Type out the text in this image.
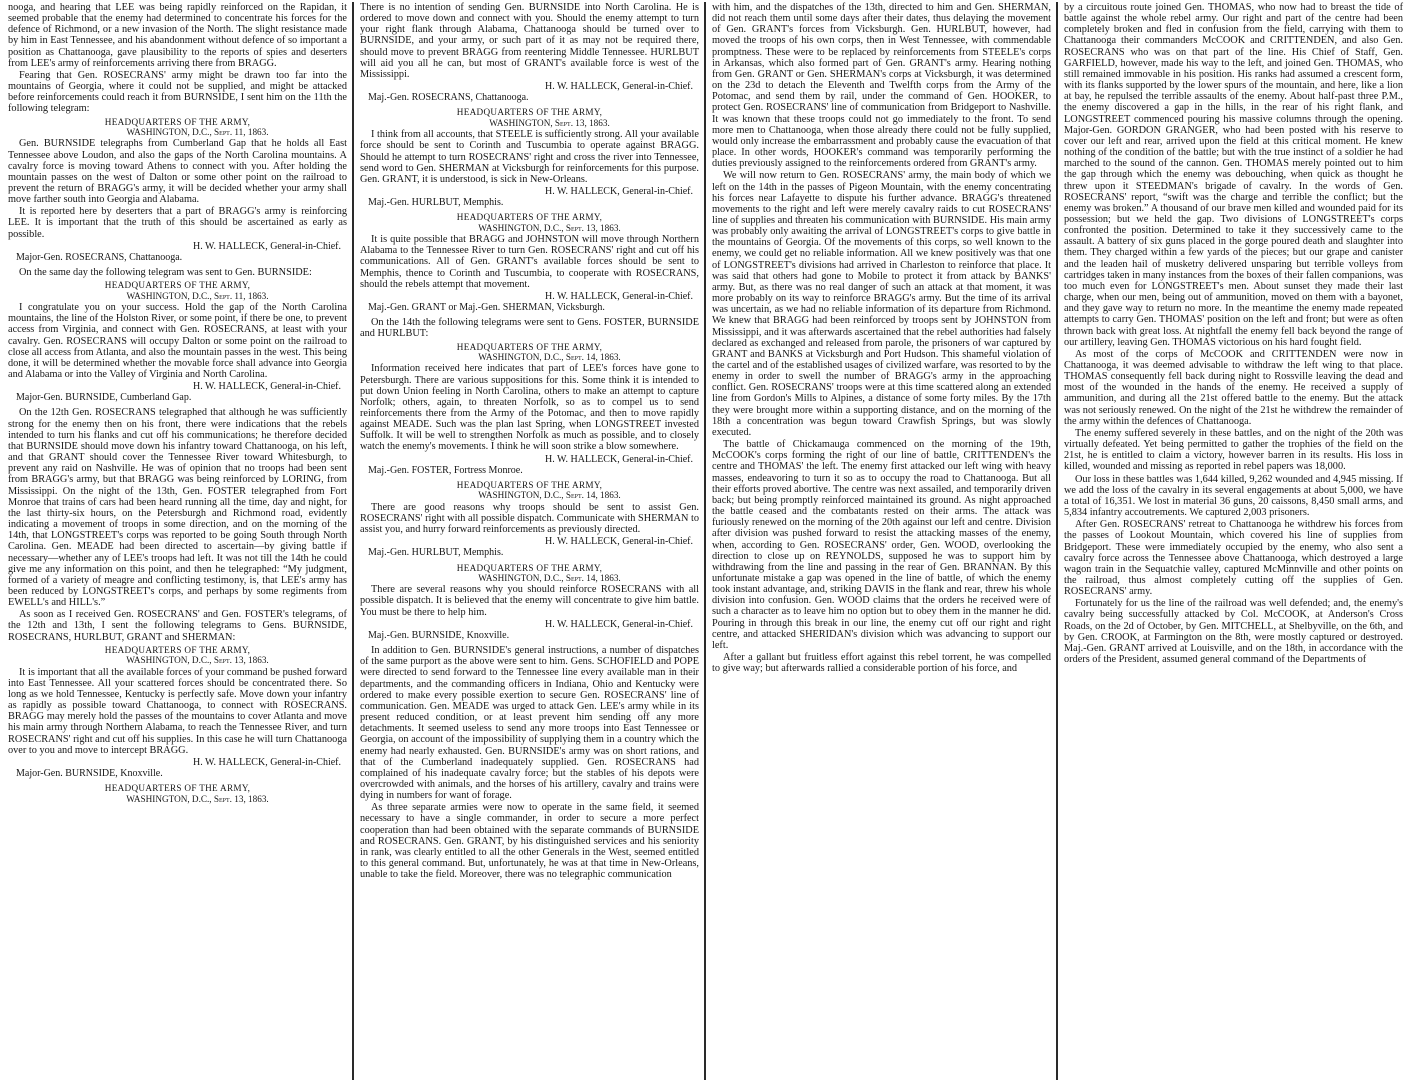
nooga, and hearing that LEE was being rapidly reinforced on the Rapidan, it seemed probable that the enemy had determined to concentrate his forces for the defence of Richmond, or a new invasion of the North. The slight resistance made by him in East Tennessee, and his abandonment without defence of so important a position as Chattanooga, gave plausibility to the reports of spies and deserters from LEE's army of reinforcements arriving there from BRAGG.

Fearing that Gen. ROSECRANS' army might be drawn too far into the mountains of Georgia, where it could not be supplied, and might be attacked before reinforcements could reach it from BURNSIDE, I sent him on the 11th the following telegram:

HEADQUARTERS OF THE ARMY,
WASHINGTON, D.C., Sept. 11, 1863.

Gen. BURNSIDE telegraphs from Cumberland Gap that he holds all East Tennessee above Loudon, and also the gaps of the North Carolina mountains. A cavalry force is moving toward Athens to connect with you. After holding the mountain passes on the west of Dalton or some other point on the railroad to prevent the return of BRAGG's army, it will be decided whether your army shall move farther south into Georgia and Alabama.

It is reported here by deserters that a part of BRAGG's army is reinforcing LEE. It is important that the truth of this should be ascertained as early as possible.

H. W. HALLECK, General-in-Chief.
Major-Gen. ROSECRANS, Chattanooga.

On the same day the following telegram was sent to Gen. BURNSIDE:

HEADQUARTERS OF THE ARMY,
WASHINGTON, D.C., Sept. 11, 1863.

I congratulate you on your success. Hold the gap of the North Carolina mountains, the line of the Holston River, or some point, if there be one, to prevent access from Virginia, and connect with Gen. ROSECRANS, at least with your cavalry. Gen. ROSECRANS will occupy Dalton or some point on the railroad to close all access from Atlanta, and also the mountain passes in the west. This being done, it will be determined whether the movable force shall advance into Georgia and Alabama or into the Valley of Virginia and North Carolina.

H. W. HALLECK, General-in-Chief.
Major-Gen. BURNSIDE, Cumberland Gap.

On the 12th Gen. ROSECRANS telegraphed that although he was sufficiently strong for the enemy then on his front, there were indications that the rebels intended to turn his flanks and cut off his communications; he therefore decided that BURNSIDE should move down his infantry toward Chattanooga, on his left, and that GRANT should cover the Tennessee River toward Whitesburgh, to prevent any raid on Nashville. He was of opinion that no troops had been sent from BRAGG's army, but that BRAGG was being reinforced by LORING, from Mississippi. On the night of the 13th, Gen. FOSTER telegraphed from Fort Monroe that trains of cars had been heard running all the time, day and night, for the last thirty-six hours, on the Petersburgh and Richmond road, evidently indicating a movement of troops in some direction, and on the morning of the 14th, that LONGSTREET's corps was reported to be going South through North Carolina. Gen. MEADE had been directed to ascertain—by giving battle if necessary—whether any of LEE's troops had left. It was not till the 14th he could give me any information on this point, and then he telegraphed: “My judgment, formed of a variety of meagre and conflicting testimony, is, that LEE's army has been reduced by LONGSTREET's corps, and perhaps by some regiments from EWELL's and HILL's.”

As soon as I received Gen. ROSECRANS' and Gen. FOSTER's telegrams, of the 12th and 13th, I sent the following telegrams to Gens. BURNSIDE, ROSECRANS, HURLBUT, GRANT and SHERMAN:

HEADQUARTERS OF THE ARMY,
WASHINGTON, D.C., Sept. 13, 1863.

It is important that all the available forces of your command be pushed forward into East Tennessee. All your scattered forces should be concentrated there. So long as we hold Tennessee, Kentucky is perfectly safe. Move down your infantry as rapidly as possible toward Chattanooga, to connect with ROSECRANS. BRAGG may merely hold the passes of the mountains to cover Atlanta and move his main army through Northern Alabama, to reach the Tennessee River, and turn ROSECRANS' right and cut off his supplies. In this case he will turn Chattanooga over to you and move to intercept BRAGG.

H. W. HALLECK, General-in-Chief.
Major-Gen. BURNSIDE, Knoxville.
HEADQUARTERS OF THE ARMY,
WASHINGTON, D.C., Sept. 13, 1863.

There is no intention of sending Gen. BURNSIDE into North Carolina. He is ordered to move down and connect with you. Should the enemy attempt to turn your right flank through Alabama, Chattanooga should be turned over to BURNSIDE, and your army, or such part of it as may not be required there, should move to prevent BRAGG from reentering Middle Tennessee. HURLBUT will aid you all he can, but most of GRANT's available force is west of the Mississippi.

H. W. HALLECK, General-in-Chief.
Maj.-Gen. ROSECRANS, Chattanooga.
HEADQUARTERS OF THE ARMY,
WASHINGTON, Sept. 13, 1863.

I think from all accounts, that STEELE is sufficiently strong. All your available force should be sent to Corinth and Tuscumbia to operate against BRAGG. Should he attempt to turn ROSECRANS' right and cross the river into Tennessee, send word to Gen. SHERMAN at Vicksburgh for reinforcements for this purpose. Gen. GRANT, it is understood, is sick in New-Orleans.

H. W. HALLECK, General-in-Chief.
Maj.-Gen. HURLBUT, Memphis.
HEADQUARTERS OF THE ARMY,
WASHINGTON, D.C., Sept. 13, 1863.

It is quite possible that BRAGG and JOHNSTON will move through Northern Alabama to the Tennessee River to turn Gen. ROSECRANS' right and cut off his communications. All of Gen. GRANT's available forces should be sent to Memphis, thence to Corinth and Tuscumbia, to cooperate with ROSECRANS, should the rebels attempt that movement.

H. W. HALLECK, General-in-Chief.
Maj.-Gen. GRANT or Maj.-Gen. SHERMAN, Vicksburgh.

On the 14th the following telegrams were sent to Gens. FOSTER, BURNSIDE and HURLBUT:

HEADQUARTERS OF THE ARMY,
WASHINGTON, D.C., Sept. 14, 1863.

Information received here indicates that part of LEE's forces have gone to Petersburgh. There are various suppositions for this. Some think it is intended to put down Union feeling in North Carolina, others to make an attempt to capture Norfolk; others, again, to threaten Norfolk, so as to compel us to send reinforcements there from the Army of the Potomac, and then to move rapidly against MEADE. Such was the plan last Spring, when LONGSTREET invested Suffolk. It will be well to strengthen Norfolk as much as possible, and to closely watch the enemy's movements. I think he will soon strike a blow somewhere.

H. W. HALLECK, General-in-Chief.
Maj.-Gen. FOSTER, Fortress Monroe.
HEADQUARTERS OF THE ARMY,
WASHINGTON, D.C., Sept. 14, 1863.

There are good reasons why troops should be sent to assist Gen. ROSECRANS' right with all possible dispatch. Communicate with SHERMAN to assist you, and hurry forward reinforcements as previously directed.

H. W. HALLECK, General-in-Chief.
Maj.-Gen. HURLBUT, Memphis.
HEADQUARTERS OF THE ARMY,
WASHINGTON, D.C., Sept. 14, 1863.

There are several reasons why you should reinforce ROSECRANS with all possible dispatch. It is believed that the enemy will concentrate to give him battle. You must be there to help him.

H. W. HALLECK, General-in-Chief.
Maj.-Gen. BURNSIDE, Knoxville.

In addition to Gen. BURNSIDE's general instructions, a number of dispatches of the same purport as the above were sent to him. Gens. SCHOFIELD and POPE were directed to send forward to the Tennessee line every available man in their departments, and the commanding officers in Indiana, Ohio and Kentucky were ordered to make every possible exertion to secure Gen. ROSECRANS' line of communication. Gen. MEADE was urged to attack Gen. LEE's army while in its present reduced condition, or at least prevent him sending off any more detachments. It seemed useless to send any more troops into East Tennessee or Georgia, on account of the impossibility of supplying them in a country which the enemy had nearly exhausted. Gen. BURNSIDE's army was on short rations, and that of the Cumberland inadequately supplied. Gen. ROSECRANS had complained of his inadequate cavalry force; but the stables of his depots were overcrowded with animals, and the horses of his artillery, cavalry and trains were dying in numbers for want of forage.

As three separate armies were now to operate in the same field, it seemed necessary to have a single commander, in order to secure a more perfect cooperation than had been obtained with the separate commands of BURNSIDE and ROSECRANS. Gen. GRANT, by his distinguished services and his seniority in rank, was clearly entitled to all the other Generals in the West, seemed entitled to this general command. But, unfortunately, he was at that time in New-Orleans, unable to take the field. Moreover, there was no telegraphic communication

with him, and the dispatches of the 13th, directed to him and Gen. SHERMAN, did not reach them until some days after their dates, thus delaying the movement of Gen. GRANT's forces from Vicksburgh. Gen. HURLBUT, however, had moved the troops of his own corps, then in West Tennessee, with commendable promptness. These were to be replaced by reinforcements from STEELE's corps in Arkansas, which also formed part of Gen. GRANT's army. Hearing nothing from Gen. GRANT or Gen. SHERMAN's corps at Vicksburgh, it was determined on the 23d to detach the Eleventh and Twelfth corps from the Army of the Potomac, and send them by rail, under the command of Gen. HOOKER, to protect Gen. ROSECRANS' line of communication from Bridgeport to Nashville. It was known that these troops could not go immediately to the front. To send more men to Chattanooga, when those already there could not be fully supplied, would only increase the embarrassment and probably cause the evacuation of that place. In other words, HOOKER's command was temporarily performing the duties previously assigned to the reinforcements ordered from GRANT's army.

We will now return to Gen. ROSECRANS' army, the main body of which we left on the 14th in the passes of Pigeon Mountain, with the enemy concentrating his forces near Lafayette to dispute his further advance. BRAGG's threatened movements to the right and left were merely cavalry raids to cut ROSECRANS' line of supplies and threaten his communication with BURNSIDE. His main army was probably only awaiting the arrival of LONGSTREET's corps to give battle in the mountains of Georgia. Of the movements of this corps, so well known to the enemy, we could get no reliable information. All we knew positively was that one of LONGSTREET's divisions had arrived in Charleston to reinforce that place. It was said that others had gone to Mobile to protect it from attack by BANKS' army. But, as there was no real danger of such an attack at that moment, it was more probably on its way to reinforce BRAGG's army. But the time of its arrival was uncertain, as we had no reliable information of its departure from Richmond. We knew that BRAGG had been reinforced by troops sent by JOHNSTON from Mississippi, and it was afterwards ascertained that the rebel authorities had falsely declared as exchanged and released from parole, the prisoners of war captured by GRANT and BANKS at Vicksburgh and Port Hudson. This shameful violation of the cartel and of the established usages of civilized warfare, was resorted to by the enemy in order to swell the number of BRAGG's army in the approaching conflict. Gen. ROSECRANS' troops were at this time scattered along an extended line from Gordon's Mills to Alpines, a distance of some forty miles. By the 17th they were brought more within a supporting distance, and on the morning of the 18th a concentration was begun toward Crawfish Springs, but was slowly executed.

The battle of Chickamauga commenced on the morning of the 19th, McCOOK's corps forming the right of our line of battle, CRITTENDEN's the centre and THOMAS' the left. The enemy first attacked our left wing with heavy masses, endeavoring to turn it so as to occupy the road to Chattanooga. But all their efforts proved abortive. The centre was next assailed, and temporarily driven back; but being promptly reinforced maintained its ground. As night approached the battle ceased and the combatants rested on their arms. The attack was furiously renewed on the morning of the 20th against our left and centre. Division after division was pushed forward to resist the attacking masses of the enemy, when, according to Gen. ROSECRANS' order, Gen. WOOD, overlooking the direction to close up on REYNOLDS, supposed he was to support him by withdrawing from the line and passing in the rear of Gen. BRANNAN. By this unfortunate mistake a gap was opened in the line of battle, of which the enemy took instant advantage, and, striking DAVIS in the flank and rear, threw his whole division into confusion. Gen. WOOD claims that the orders he received were of such a character as to leave him no option but to obey them in the manner he did. Pouring in through this break in our line, the enemy cut off our right and right centre, and attacked SHERIDAN's division which was advancing to support our left.

After a gallant but fruitless effort against this rebel torrent, he was compelled to give way; but afterwards rallied a considerable portion of his force, and

by a circuitous route joined Gen. THOMAS, who now had to breast the tide of battle against the whole rebel army. Our right and part of the centre had been completely broken and fled in confusion from the field, carrying with them to Chattanooga their commanders McCOOK and CRITTENDEN, and also Gen. ROSECRANS who was on that part of the line. His Chief of Staff, Gen. GARFIELD, however, made his way to the left, and joined Gen. THOMAS, who still remained immovable in his position. His ranks had assumed a crescent form, with its flanks supported by the lower spurs of the mountain, and here, like a lion at bay, he repulsed the terrible assaults of the enemy. About half-past three P.M., the enemy discovered a gap in the hills, in the rear of his right flank, and LONGSTREET commenced pouring his massive columns through the opening. Major-Gen. GORDON GRANGER, who had been posted with his reserve to cover our left and rear, arrived upon the field at this critical moment. He knew nothing of the condition of the battle; but with the true instinct of a soldier he had marched to the sound of the cannon. Gen. THOMAS merely pointed out to him the gap through which the enemy was debouching, when quick as thought he threw upon it STEEDMAN's brigade of cavalry. In the words of Gen. ROSECRANS' report, “swift was the charge and terrible the conflict; but the enemy was broken.” A thousand of our brave men killed and wounded paid for its possession; but we held the gap. Two divisions of LONGSTREET's corps confronted the position. Determined to take it they successively came to the assault. A battery of six guns placed in the gorge poured death and slaughter into them. They charged within a few yards of the pieces; but our grape and canister and the leaden hail of musketry delivered unsparing but terrible volleys from cartridges taken in many instances from the boxes of their fallen companions, was too much even for LONGSTREET's men. About sunset they made their last charge, when our men, being out of ammunition, moved on them with a bayonet, and they gave way to return no more. In the meantime the enemy made repeated attempts to carry Gen. THOMAS' position on the left and front; but were as often thrown back with great loss. At nightfall the enemy fell back beyond the range of our artillery, leaving Gen. THOMAS victorious on his hard fought field.

As most of the corps of McCOOK and CRITTENDEN were now in Chattanooga, it was deemed advisable to withdraw the left wing to that place. THOMAS consequently fell back during night to Rossville leaving the dead and most of the wounded in the hands of the enemy. He received a supply of ammunition, and during all the 21st offered battle to the enemy. But the attack was not seriously renewed. On the night of the 21st he withdrew the remainder of the army within the defences of Chattanooga.

The enemy suffered severely in these battles, and on the night of the 20th was virtually defeated. Yet being permitted to gather the trophies of the field on the 21st, he is entitled to claim a victory, however barren in its results. His loss in killed, wounded and missing as reported in rebel papers was 18,000.

Our loss in these battles was 1,644 killed, 9,262 wounded and 4,945 missing. If we add the loss of the cavalry in its several engagements at about 5,000, we have a total of 16,351. We lost in material 36 guns, 20 caissons, 8,450 small arms, and 5,834 infantry accoutrements. We captured 2,003 prisoners.

After Gen. ROSECRANS' retreat to Chattanooga he withdrew his forces from the passes of Lookout Mountain, which covered his line of supplies from Bridgeport. These were immediately occupied by the enemy, who also sent a cavalry force across the Tennessee above Chattanooga, which destroyed a large wagon train in the Sequatchie valley, captured McMinnville and other points on the railroad, thus almost completely cutting off the supplies of Gen. ROSECRANS' army.

Fortunately for us the line of the railroad was well defended; and, the enemy's cavalry being successfully attacked by Col. McCOOK, at Anderson's Cross Roads, on the 2d of October, by Gen. MITCHELL, at Shelbyville, on the 6th, and by Gen. CROOK, at Farmington on the 8th, were mostly captured or destroyed. Maj.-Gen. GRANT arrived at Louisville, and on the 18th, in accordance with the orders of the President, assumed general command of the Departments of
